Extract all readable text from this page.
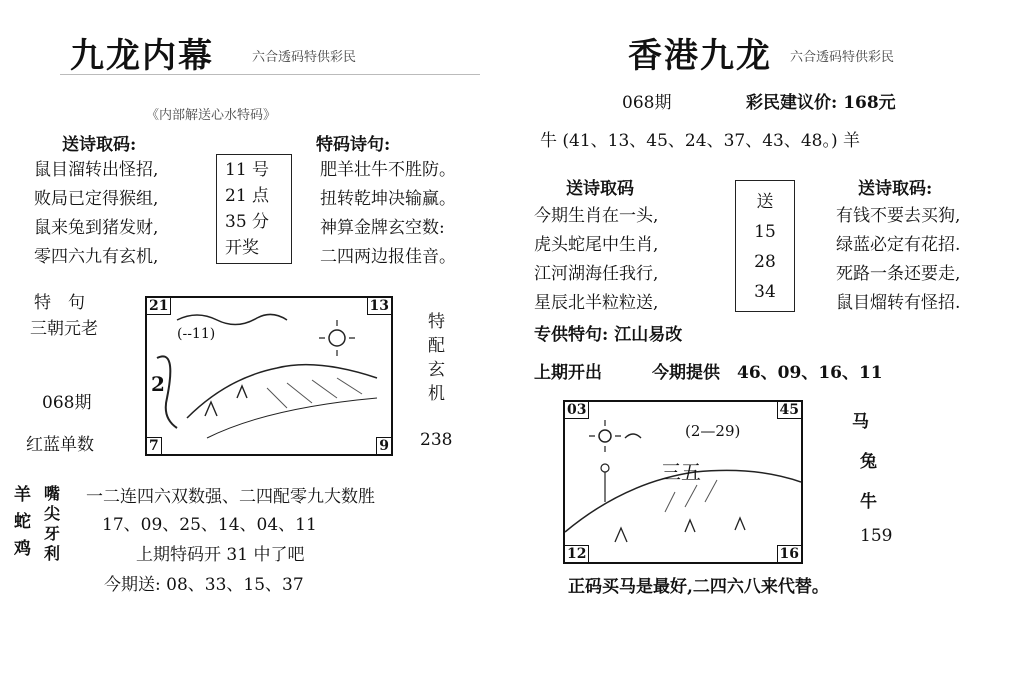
九龙内幕	六合透码特供彩民
《内部解送心水特码》
送诗取码:	特码诗句:
鼠目溜转出怪招,
败局已定得猴组,
鼠来兔到猪发财,
零四六九有玄机,
11 号
21 点
35 分
开奖
肥羊壮牛不胜防。
扭转乾坤决输赢。
神算金牌玄空数:
二四两边报佳音。
特　句
三朝元老
068期
红蓝单数
21	13
7	9
2
(--11)
特
配
玄
机
238
羊
蛇
鸡
嘴
尖
牙
利
一二连四六双数强、二四配零九大数胜
17、09、25、14、04、11
上期特码开 31 中了吧
今期送: 08、33、15、37
香港九龙 六合透码特供彩民
068期	彩民建议价: 168元
牛 (41、13、45、24、37、43、48。) 羊
送诗取码	送诗取码:
今期生肖在一头,
虎头蛇尾中生肖,
江河湖海任我行,
星辰北半粒粒送,
送
15
28
34
有钱不要去买狗,
绿蓝必定有花招.
死路一条还要走,
鼠目熘转有怪招.
专供特句: 江山易改
上期开出	今期提供　46、09、16、11
03	45
12	16
(2—29)
三五
马
兔
牛
159
正码买马是最好,二四六八来代替。
